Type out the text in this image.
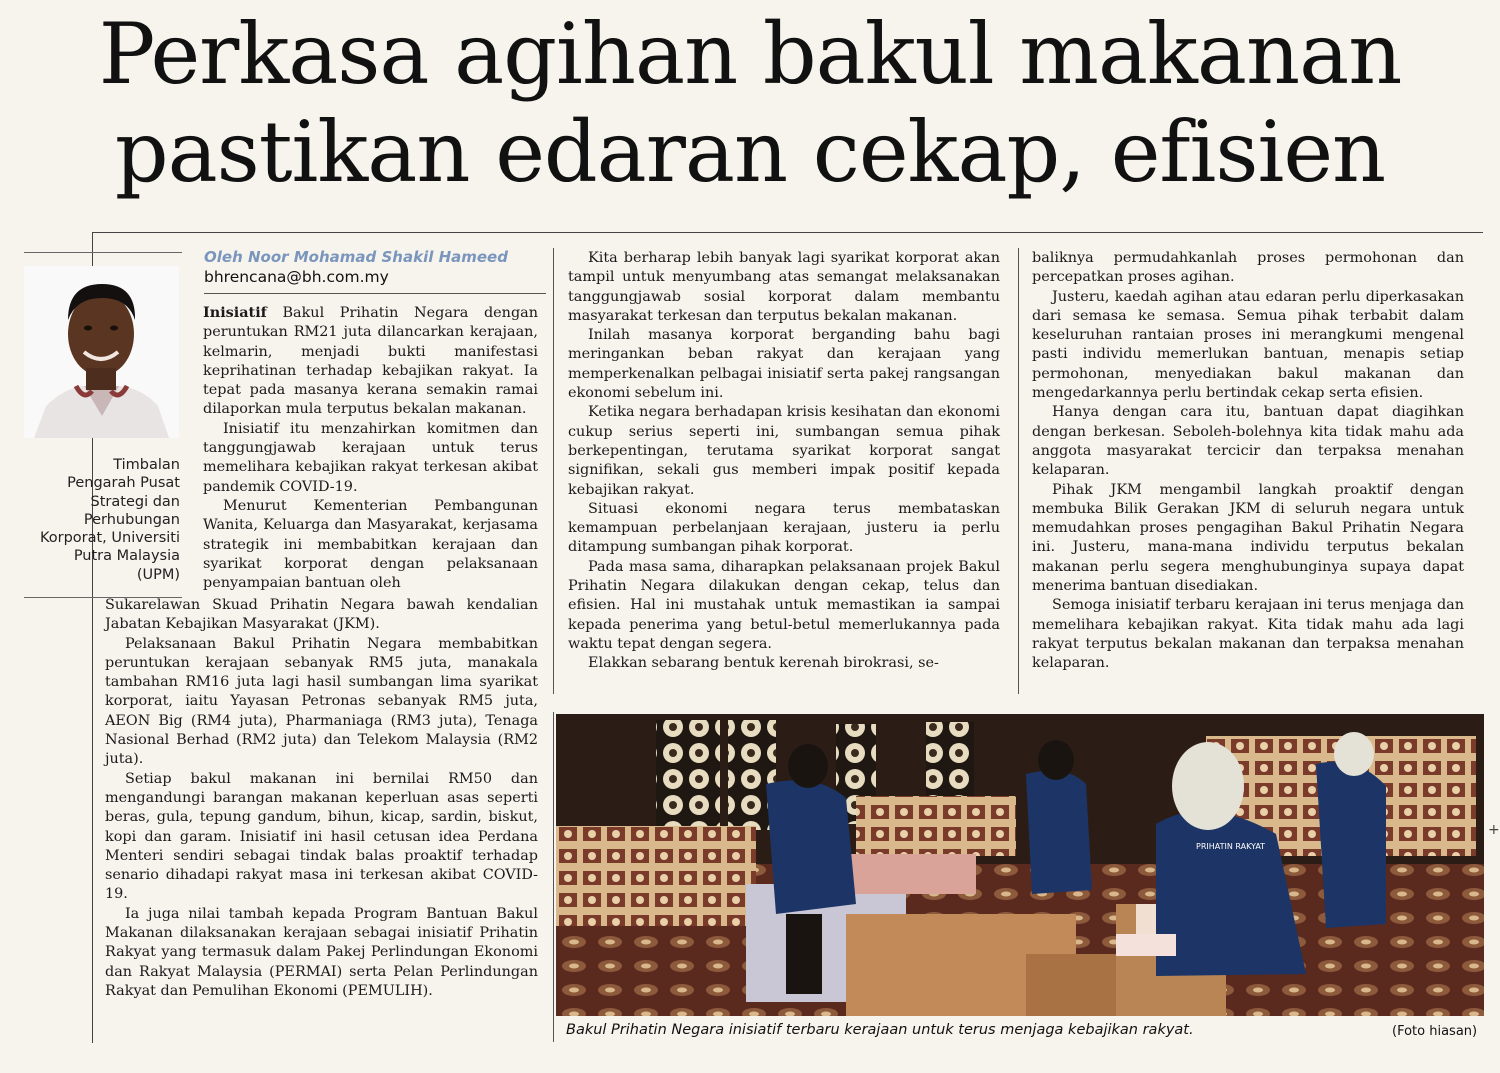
Perkasa agihan bakul makanan
pastikan edaran cekap, efisien
Timbalan
Pengarah Pusat
Strategi dan
Perhubungan
Korporat, Universiti
Putra Malaysia
(UPM)
Oleh Noor Mohamad Shakil Hameed
bhrencana@bh.com.my

Inisiatif Bakul Prihatin Negara dengan peruntukan RM21 juta dilancarkan kerajaan, kelmarin, menjadi bukti manifestasi keprihatinan terhadap kebajikan rakyat. Ia tepat pada masanya kerana semakin ramai dilaporkan mula terputus bekalan makanan.

Inisiatif itu menzahirkan komitmen dan tanggungjawab kerajaan untuk terus memelihara kebajikan rakyat terkesan akibat pandemik COVID-19.

Menurut Kementerian Pembangunan Wanita, Keluarga dan Masyarakat, kerjasama strategik ini membabitkan kerajaan dan syarikat korporat dengan pelaksanaan penyampaian bantuan oleh

Sukarelawan Skuad Prihatin Negara bawah kendalian Jabatan Kebajikan Masyarakat (JKM).

Pelaksanaan Bakul Prihatin Negara membabitkan peruntukan kerajaan sebanyak RM5 juta, manakala tambahan RM16 juta lagi hasil sumbangan lima syarikat korporat, iaitu Yayasan Petronas sebanyak RM5 juta, AEON Big (RM4 juta), Pharmaniaga (RM3 juta), Tenaga Nasional Berhad (RM2 juta) dan Telekom Malaysia (RM2 juta).

Setiap bakul makanan ini bernilai RM50 dan mengandungi barangan makanan keperluan asas seperti beras, gula, tepung gandum, bihun, kicap, sardin, biskut, kopi dan garam. Inisiatif ini hasil cetusan idea Perdana Menteri sendiri sebagai tindak balas proaktif terhadap senario dihadapi rakyat masa ini terkesan akibat COVID-19.

Ia juga nilai tambah kepada Program Bantuan Bakul Makanan dilaksanakan kerajaan sebagai inisiatif Prihatin Rakyat yang termasuk dalam Pakej Perlindungan Ekonomi dan Rakyat Malaysia (PERMAI) serta Pelan Perlindungan Rakyat dan Pemulihan Ekonomi (PEMULIH).

Kita berharap lebih banyak lagi syarikat korporat akan tampil untuk menyumbang atas semangat melaksanakan tanggungjawab sosial korporat dalam membantu masyarakat terkesan dan terputus bekalan makanan.

Inilah masanya korporat berganding bahu bagi meringankan beban rakyat dan kerajaan yang memperkenalkan pelbagai inisiatif serta pakej rangsangan ekonomi sebelum ini.

Ketika negara berhadapan krisis kesihatan dan ekonomi cukup serius seperti ini, sumbangan semua pihak berkepentingan, terutama syarikat korporat sangat signifikan, sekali gus memberi impak positif kepada kebajikan rakyat.

Situasi ekonomi negara terus membataskan kemampuan perbelanjaan kerajaan, justeru ia perlu ditampung sumbangan pihak korporat.

Pada masa sama, diharapkan pelaksanaan projek Bakul Prihatin Negara dilakukan dengan cekap, telus dan efisien. Hal ini mustahak untuk memastikan ia sampai kepada penerima yang betul-betul memerlukannya pada waktu tepat dengan segera.

Elakkan sebarang bentuk kerenah birokrasi, se-

baliknya permudahkanlah proses permohonan dan percepatkan proses agihan.

Justeru, kaedah agihan atau edaran perlu diperkasakan dari semasa ke semasa. Semua pihak terbabit dalam keseluruhan rantaian proses ini merangkumi mengenal pasti individu memerlukan bantuan, menapis setiap permohonan, menyediakan bakul makanan dan mengedarkannya perlu bertindak cekap serta efisien.

Hanya dengan cara itu, bantuan dapat diagihkan dengan berkesan. Seboleh-bolehnya kita tidak mahu ada anggota masyarakat tercicir dan terpaksa menahan kelaparan.

Pihak JKM mengambil langkah proaktif dengan membuka Bilik Gerakan JKM di seluruh negara untuk memudahkan proses pengagihan Bakul Prihatin Negara ini. Justeru, mana-mana individu terputus bekalan makanan perlu segera menghubunginya supaya dapat menerima bantuan disediakan.

Semoga inisiatif terbaru kerajaan ini terus menjaga dan memelihara kebajikan rakyat. Kita tidak mahu ada lagi rakyat terputus bekalan makanan dan terpaksa menahan kelaparan.

PRIHATIN RAKYAT
Bakul Prihatin Negara inisiatif terbaru kerajaan untuk terus menjaga kebajikan rakyat.	(Foto hiasan)
+
